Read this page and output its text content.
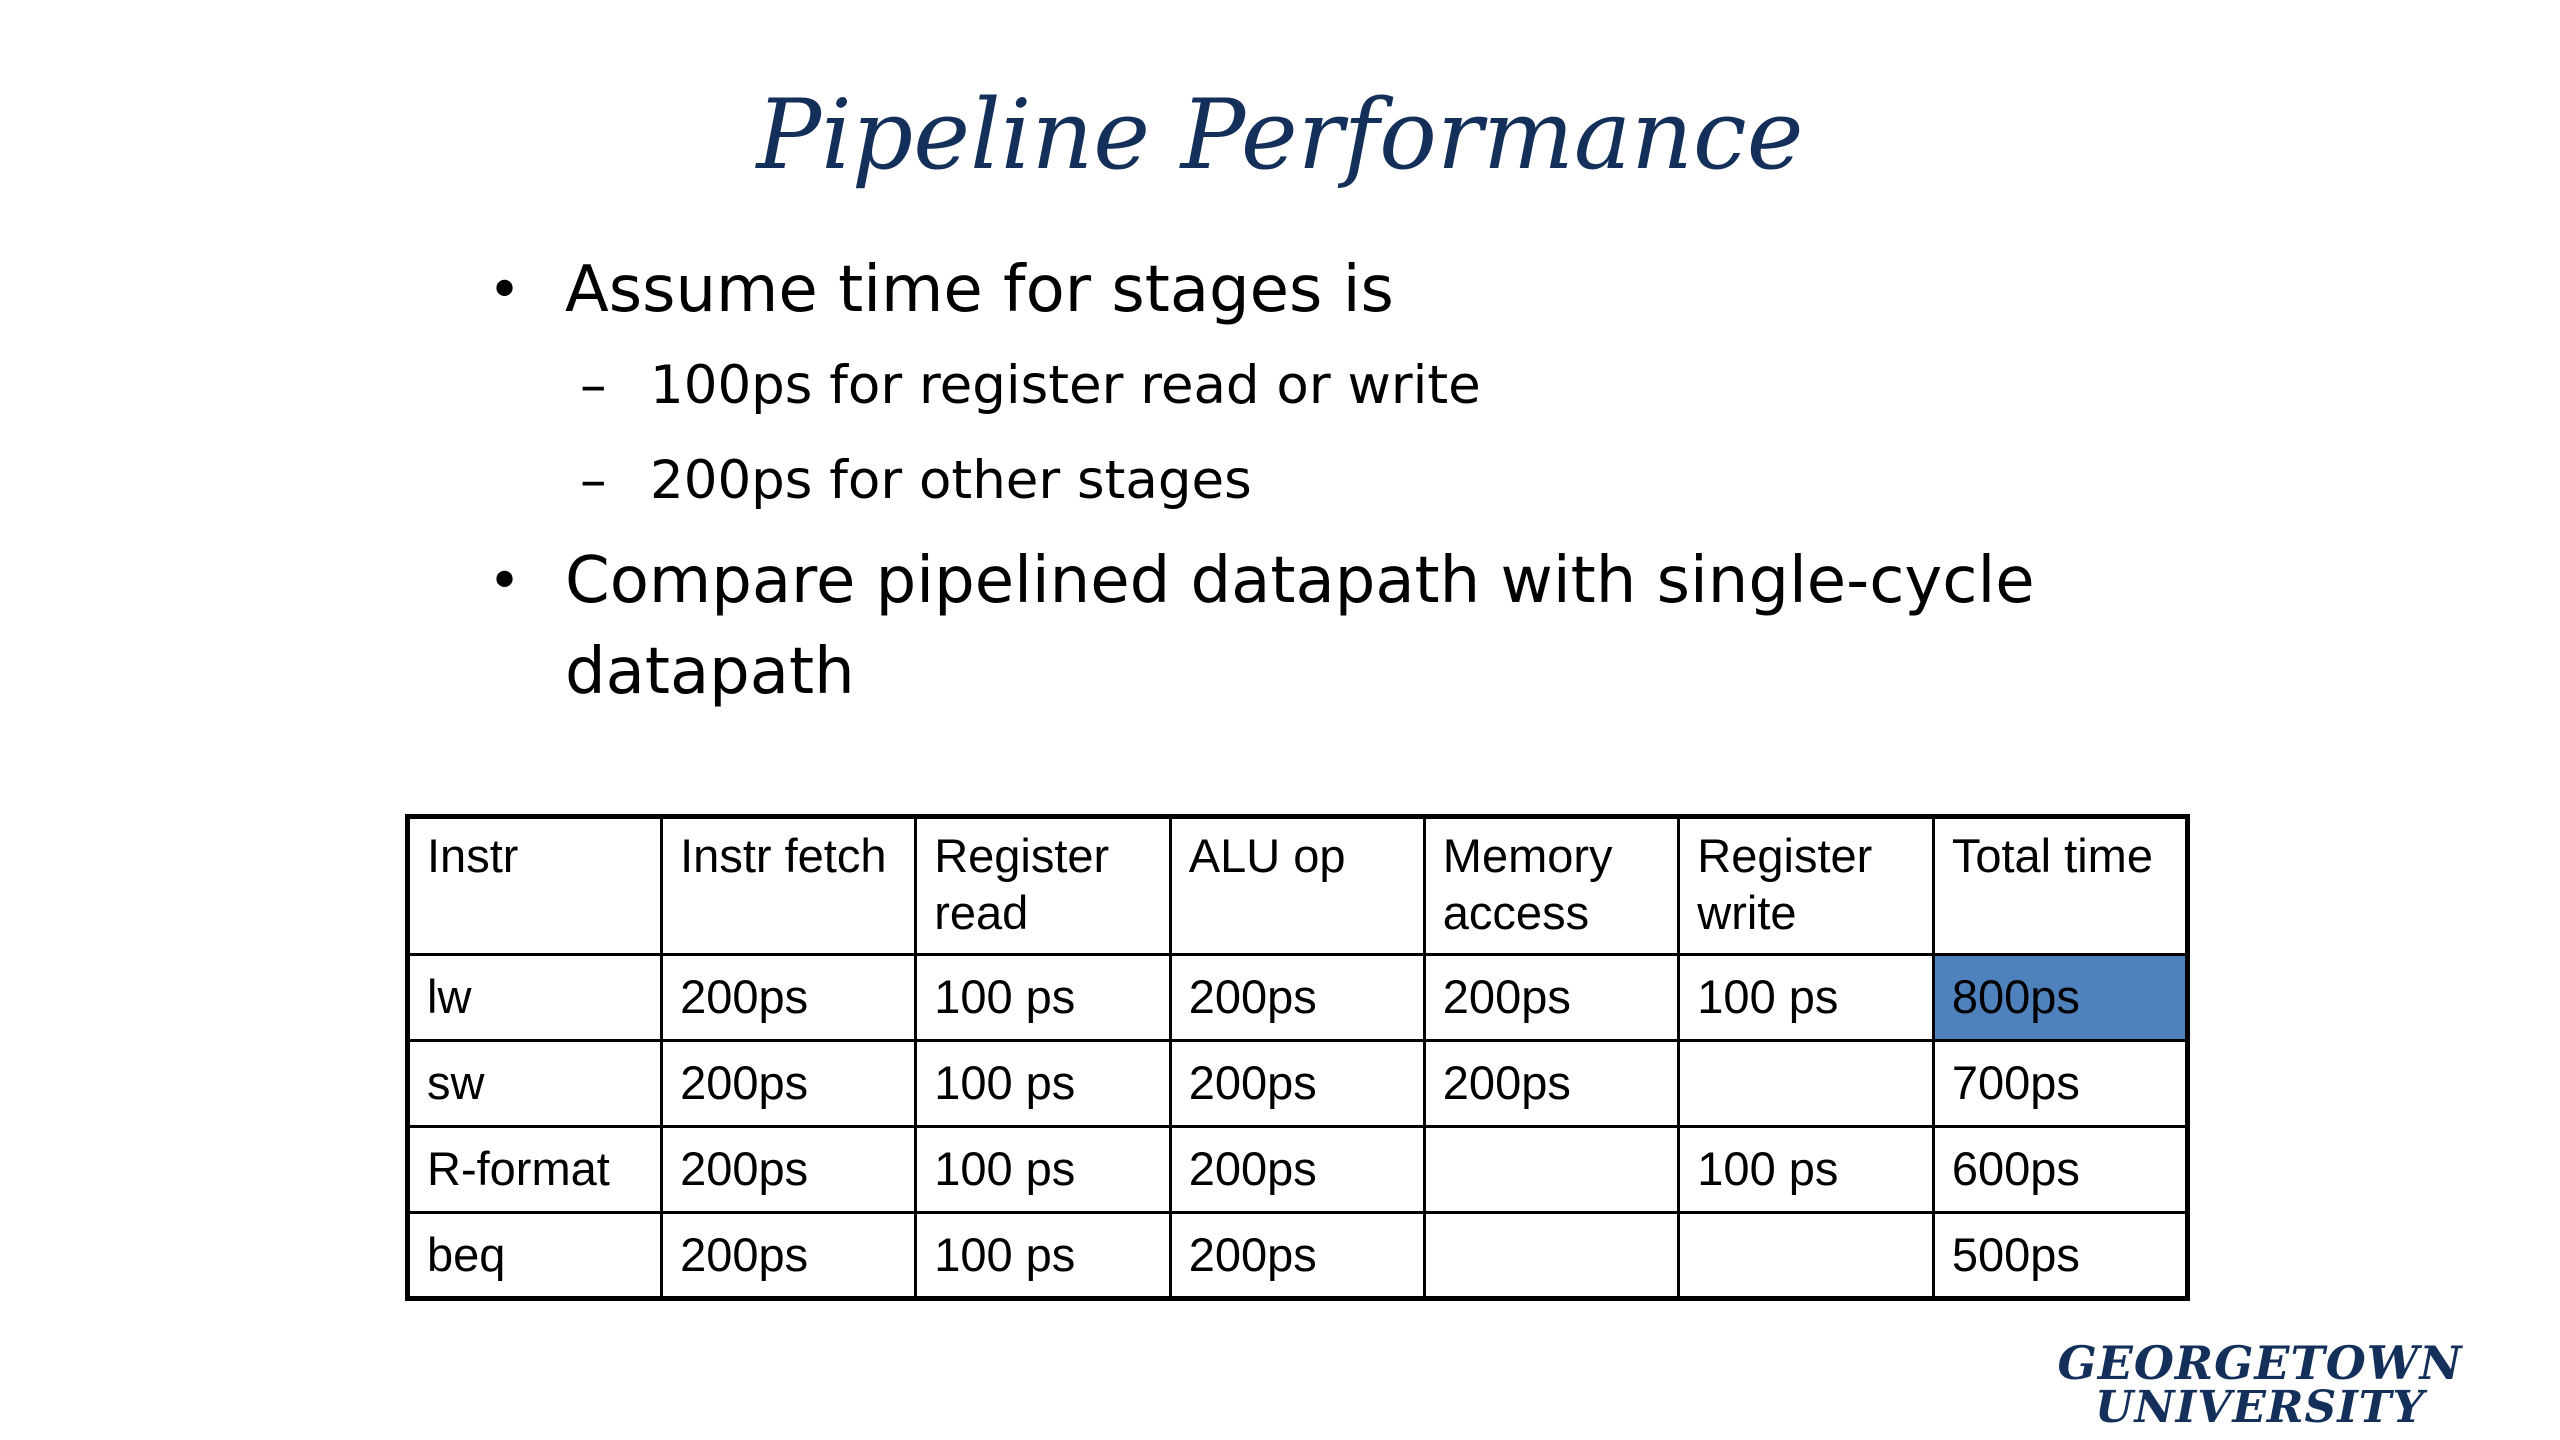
Pipeline Performance
• Assume time for stages is
– 100ps for register read or write
– 200ps for other stages
• Compare pipelined datapath with single-cycle datapath
Instr	Instr fetch	Register read	ALU op	Memory access	Register write	Total time
lw	200ps	100 ps	200ps	200ps	100 ps	800ps
sw	200ps	100 ps	200ps	200ps		700ps
R-format	200ps	100 ps	200ps		100 ps	600ps
beq	200ps	100 ps	200ps			500ps
GEORGETOWN
UNIVERSITY
